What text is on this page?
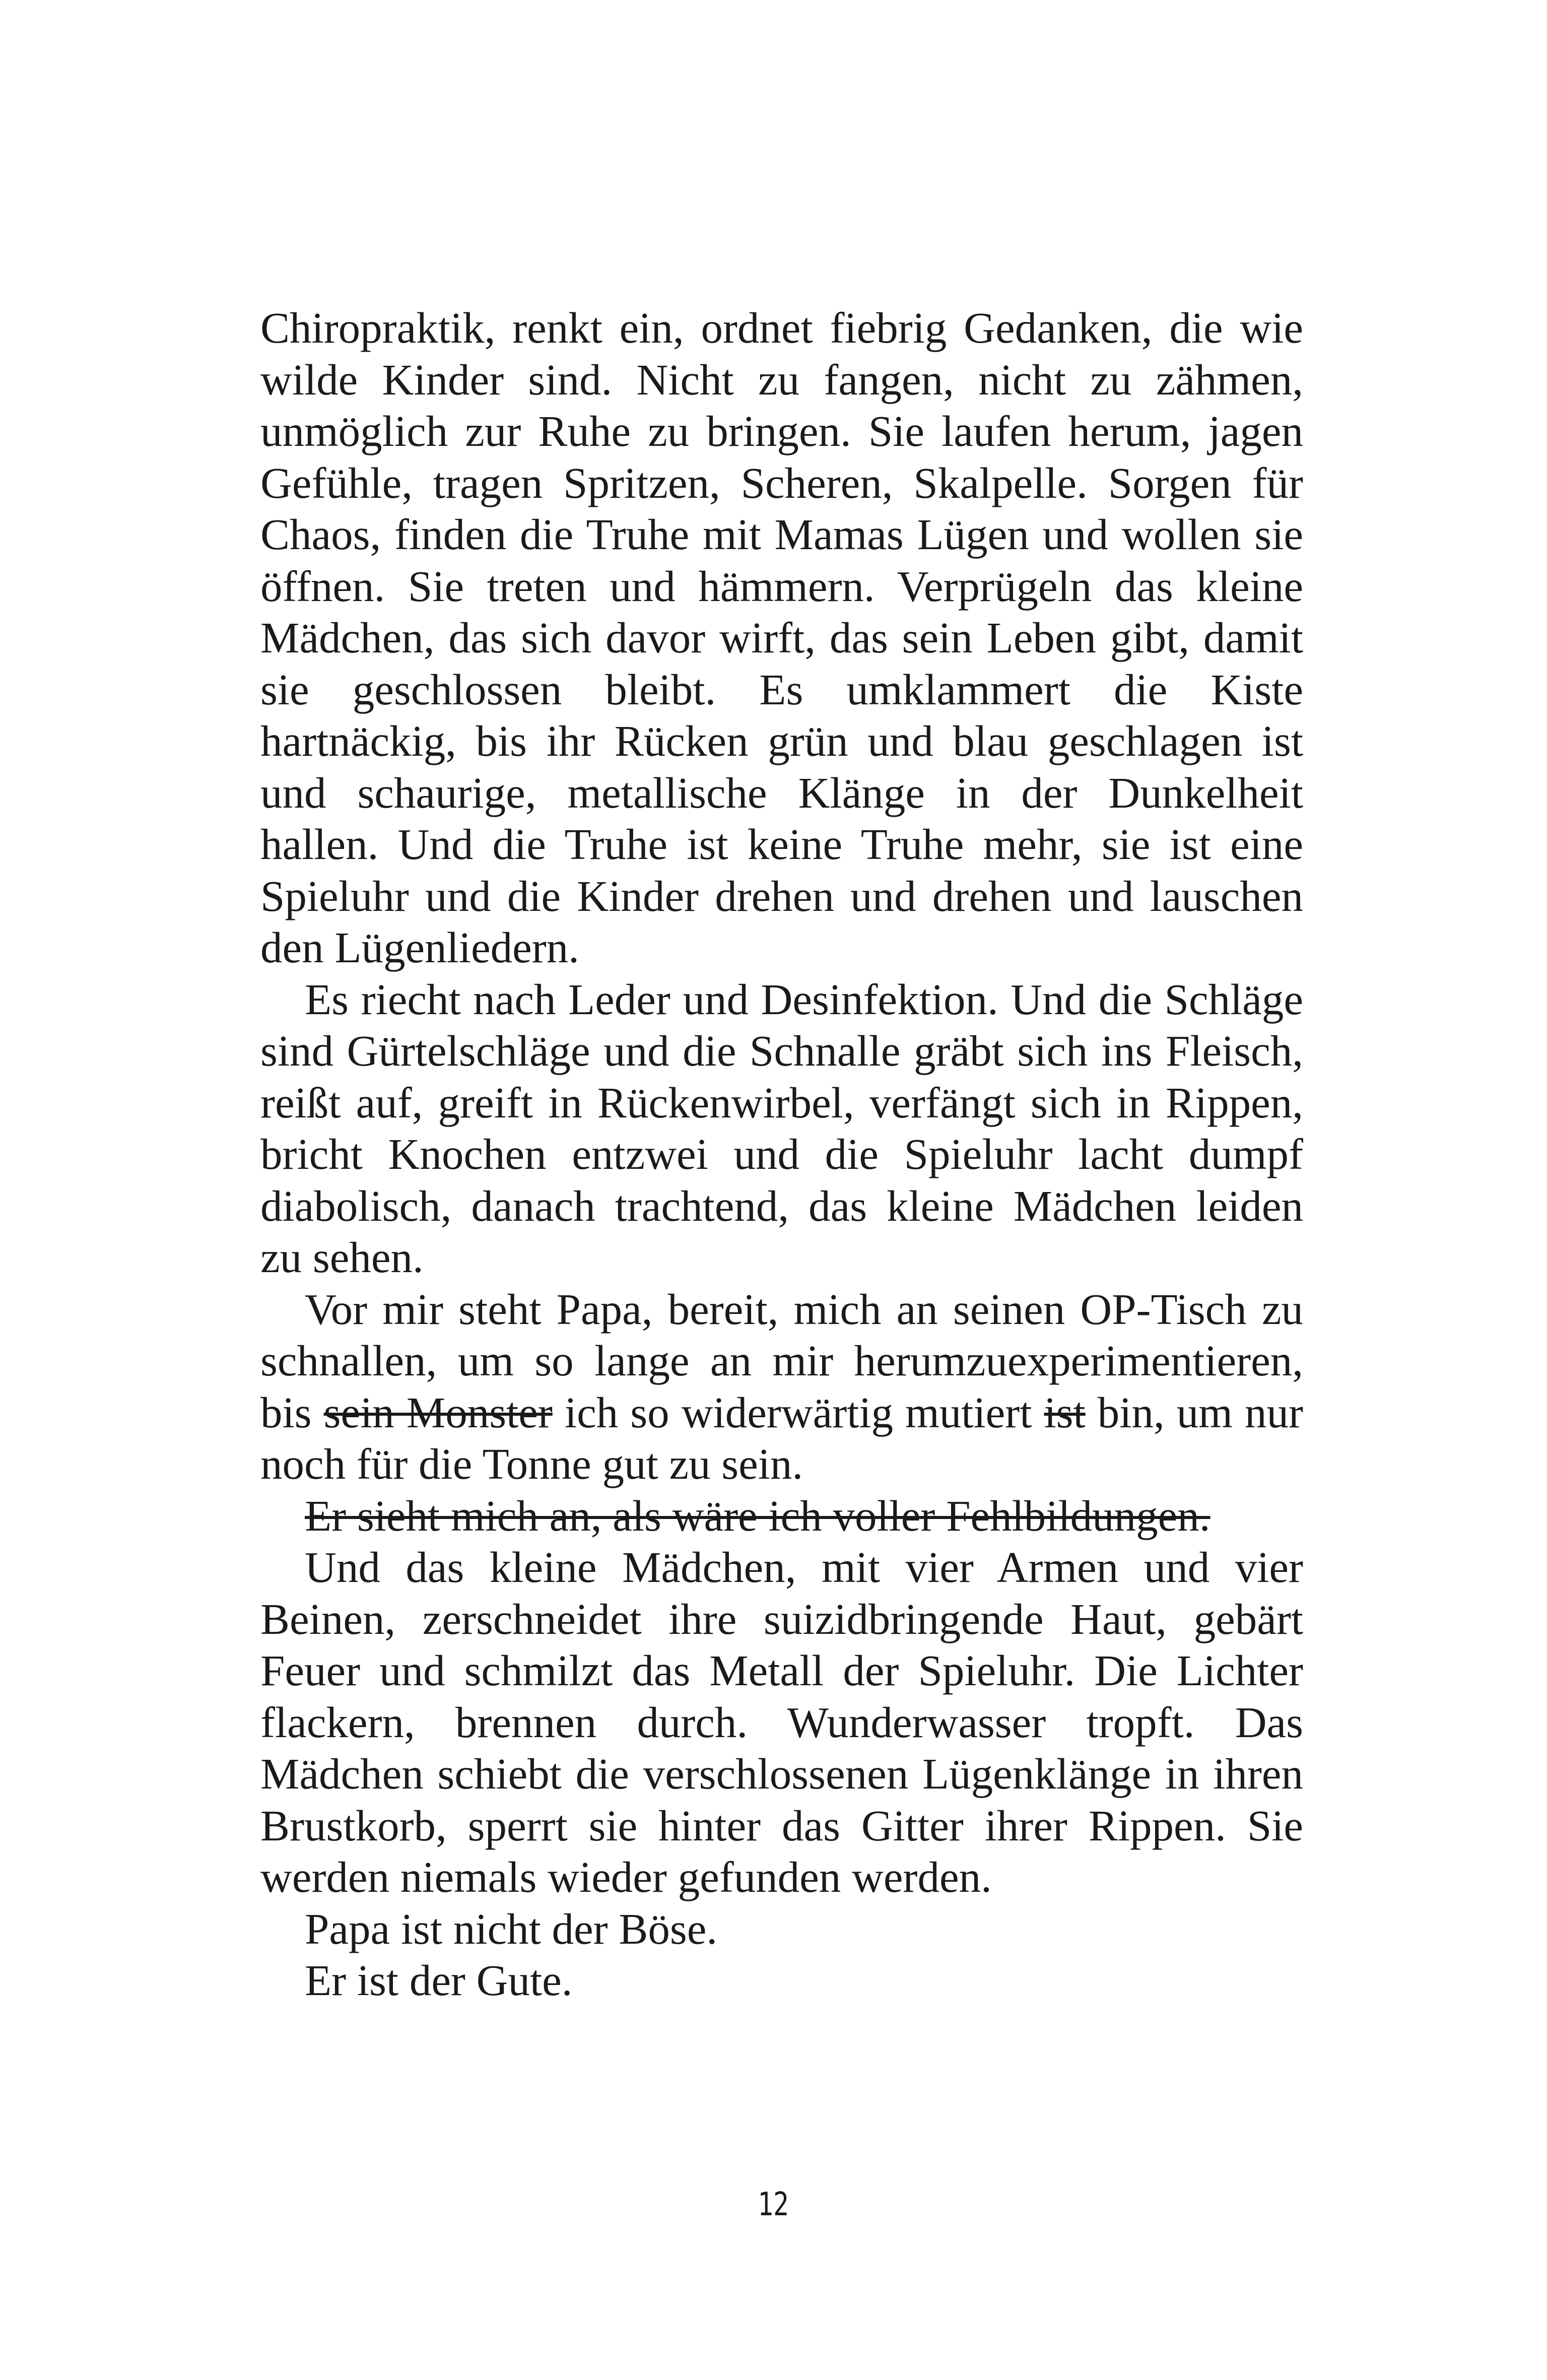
Chiropraktik, renkt ein, ordnet fiebrig Gedanken, die wie wilde Kinder sind. Nicht zu fangen, nicht zu zähmen, unmöglich zur Ruhe zu bringen. Sie laufen herum, jagen Gefühle, tragen Spritzen, Scheren, Skalpelle. Sorgen für Chaos, finden die Truhe mit Mamas Lügen und wollen sie öffnen. Sie treten und hämmern. Verprügeln das kleine Mädchen, das sich davor wirft, das sein Leben gibt, damit sie geschlossen bleibt. Es umklammert die Kiste hartnäckig, bis ihr Rücken grün und blau geschlagen ist und schaurige, metallische Klänge in der Dunkelheit hallen. Und die Truhe ist keine Truhe mehr, sie ist eine Spieluhr und die Kinder drehen und drehen und lauschen den Lügenliedern.

Es riecht nach Leder und Desinfektion. Und die Schläge sind Gürtelschläge und die Schnalle gräbt sich ins Fleisch, reißt auf, greift in Rückenwirbel, verfängt sich in Rippen, bricht Knochen entzwei und die Spieluhr lacht dumpf diabolisch, danach trachtend, das kleine Mädchen leiden zu sehen.

Vor mir steht Papa, bereit, mich an seinen OP-Tisch zu schnallen, um so lange an mir herumzuexperimentieren, bis sein Monster ich so widerwärtig mutiert ist bin, um nur noch für die Tonne gut zu sein.

Er sieht mich an, als wäre ich voller Fehlbildungen.

Und das kleine Mädchen, mit vier Armen und vier Beinen, zerschneidet ihre suizidbringende Haut, gebärt Feuer und schmilzt das Metall der Spieluhr. Die Lichter flackern, brennen durch. Wunderwasser tropft. Das Mädchen schiebt die verschlossenen Lügenklänge in ihren Brustkorb, sperrt sie hinter das Gitter ihrer Rippen. Sie werden niemals wieder gefunden werden.

Papa ist nicht der Böse.

Er ist der Gute.

12
